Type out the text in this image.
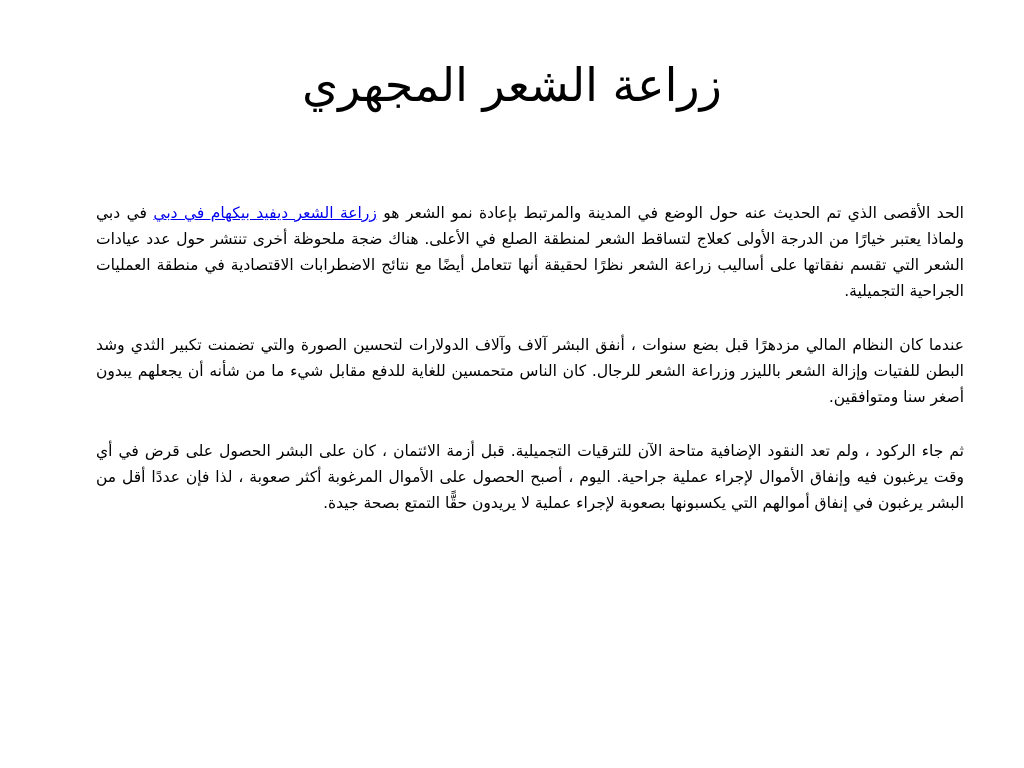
زراعة الشعر المجهري

الحد الأقصى الذي تم الحديث عنه حول الوضع في المدينة والمرتبط بإعادة نمو الشعر هو زراعة الشعر ديفيد بيكهام في دبي في دبي ولماذا يعتبر خيارًا من الدرجة الأولى كعلاج لتساقط الشعر لمنطقة الصلع في الأعلى. هناك ضجة ملحوظة أخرى تنتشر حول عدد عيادات الشعر التي تقسم نفقاتها على أساليب زراعة الشعر نظرًا لحقيقة أنها تتعامل أيضًا مع نتائج الاضطرابات الاقتصادية في منطقة العمليات الجراحية التجميلية.

عندما كان النظام المالي مزدهرًا قبل بضع سنوات ، أنفق البشر آلاف وآلاف الدولارات لتحسين الصورة والتي تضمنت تكبير الثدي وشد البطن للفتيات وإزالة الشعر بالليزر وزراعة الشعر للرجال. كان الناس متحمسين للغاية للدفع مقابل شيء ما من شأنه أن يجعلهم يبدون أصغر سنا ومتوافقين.

ثم جاء الركود ، ولم تعد النقود الإضافية متاحة الآن للترقيات التجميلية. قبل أزمة الائتمان ، كان على البشر الحصول على قرض في أي وقت يرغبون فيه وإنفاق الأموال لإجراء عملية جراحية. اليوم ، أصبح الحصول على الأموال المرغوبة أكثر صعوبة ، لذا فإن عددًا أقل من البشر يرغبون في إنفاق أموالهم التي يكسبونها بصعوبة لإجراء عملية لا يريدون حقًّا التمتع بصحة جيدة.
